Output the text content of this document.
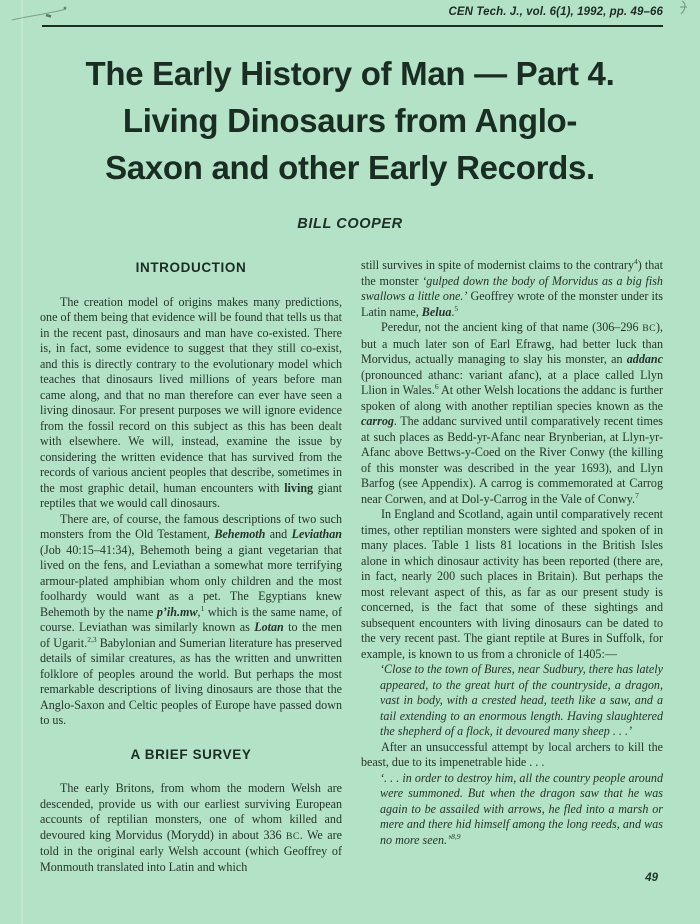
CEN Tech. J., vol. 6(1), 1992, pp. 49–66
The Early History of Man — Part 4.
Living Dinosaurs from Anglo-
Saxon and other Early Records.
BILL COOPER
INTRODUCTION

The creation model of origins makes many predictions, one of them being that evidence will be found that tells us that in the recent past, dinosaurs and man have co-existed. There is, in fact, some evidence to suggest that they still co-exist, and this is directly contrary to the evolutionary model which teaches that dinosaurs lived millions of years before man came along, and that no man therefore can ever have seen a living dinosaur. For present purposes we will ignore evidence from the fossil record on this subject as this has been dealt with elsewhere. We will, instead, examine the issue by considering the written evidence that has survived from the records of various ancient peoples that describe, sometimes in the most graphic detail, human encounters with living giant reptiles that we would call dinosaurs.

There are, of course, the famous descriptions of two such monsters from the Old Testament, Behemoth and Leviathan (Job 40:15–41:34), Behemoth being a giant vegetarian that lived on the fens, and Leviathan a somewhat more terrifying armour-plated amphibian whom only children and the most foolhardy would want as a pet. The Egyptians knew Behemoth by the name p’ih.mw,$^1$ which is the same name, of course. Leviathan was similarly known as Lotan to the men of Ugarit.$^{2,3}$ Babylonian and Sumerian literature has preserved details of similar creatures, as has the written and unwritten folklore of peoples around the world. But perhaps the most remarkable descriptions of living dinosaurs are those that the Anglo-Saxon and Celtic peoples of Europe have passed down to us.

A BRIEF SURVEY

The early Britons, from whom the modern Welsh are descended, provide us with our earliest surviving European accounts of reptilian monsters, one of whom killed and devoured king Morvidus (Morydd) in about 336 BC. We are told in the original early Welsh account (which Geoffrey of Monmouth translated into Latin and which

still survives in spite of modernist claims to the contrary$^4$) that the monster ‘gulped down the body of Morvidus as a big fish swallows a little one.’ Geoffrey wrote of the monster under its Latin name, Belua.$^5$

Peredur, not the ancient king of that name (306–296 BC), but a much later son of Earl Efrawg, had better luck than Morvidus, actually managing to slay his monster, an addanc (pronounced athanc: variant afanc), at a place called Llyn Llion in Wales.$^6$ At other Welsh locations the addanc is further spoken of along with another reptilian species known as the carrog. The addanc survived until comparatively recent times at such places as Bedd-yr-Afanc near Brynberian, at Llyn-yr-Afanc above Bettws-y-Coed on the River Conwy (the killing of this monster was described in the year 1693), and Llyn Barfog (see Appendix). A carrog is commemorated at Carrog near Corwen, and at Dol-y-Carrog in the Vale of Conwy.$^7$

In England and Scotland, again until comparatively recent times, other reptilian monsters were sighted and spoken of in many places. Table 1 lists 81 locations in the British Isles alone in which dinosaur activity has been reported (there are, in fact, nearly 200 such places in Britain). But perhaps the most relevant aspect of this, as far as our present study is concerned, is the fact that some of these sightings and subsequent encounters with living dinosaurs can be dated to the very recent past. The giant reptile at Bures in Suffolk, for example, is known to us from a chronicle of 1405:—

‘Close to the town of Bures, near Sudbury, there has lately appeared, to the great hurt of the countryside, a dragon, vast in body, with a crested head, teeth like a saw, and a tail extending to an enormous length. Having slaughtered the shepherd of a flock, it devoured many sheep . . .’

After an unsuccessful attempt by local archers to kill the beast, due to its impenetrable hide . . .

‘. . . in order to destroy him, all the country people around were summoned. But when the dragon saw that he was again to be assailed with arrows, he fled into a marsh or mere and there hid himself among the long reeds, and was no more seen.’$^{8,9}$

49
